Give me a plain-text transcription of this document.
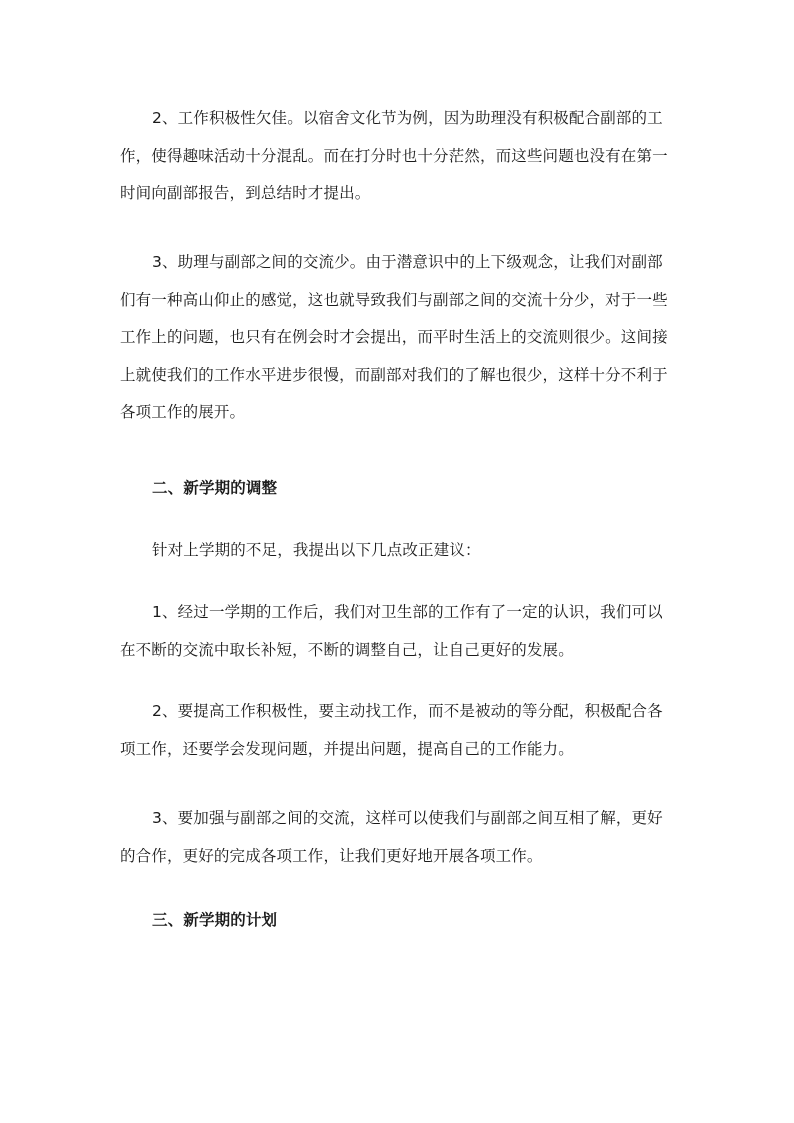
2、工作积极性欠佳。以宿舍文化节为例，因为助理没有积极配合副部的工
作，使得趣味活动十分混乱。而在打分时也十分茫然，而这些问题也没有在第一
时间向副部报告，到总结时才提出。
3、助理与副部之间的交流少。由于潜意识中的上下级观念，让我们对副部
们有一种高山仰止的感觉，这也就导致我们与副部之间的交流十分少，对于一些
工作上的问题，也只有在例会时才会提出，而平时生活上的交流则很少。这间接
上就使我们的工作水平进步很慢，而副部对我们的了解也很少，这样十分不利于
各项工作的展开。
二、新学期的调整
针对上学期的不足，我提出以下几点改正建议：
1、经过一学期的工作后，我们对卫生部的工作有了一定的认识，我们可以
在不断的交流中取长补短，不断的调整自己，让自己更好的发展。
2、要提高工作积极性，要主动找工作，而不是被动的等分配，积极配合各
项工作，还要学会发现问题，并提出问题，提高自己的工作能力。
3、要加强与副部之间的交流，这样可以使我们与副部之间互相了解，更好
的合作，更好的完成各项工作，让我们更好地开展各项工作。
三、新学期的计划
